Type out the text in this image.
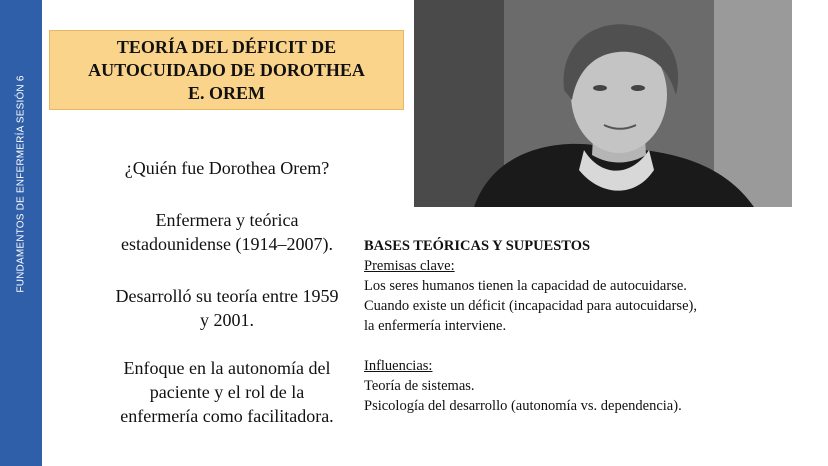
FUNDAMENTOS DE ENFERMERÍA SESIÓN 6
TEORÍA DEL DÉFICIT DE
AUTOCUIDADO DE DOROTHEA
E. OREM
¿Quién fue Dorothea Orem?
Enfermera y teórica
estadounidense (1914–2007).
Desarrolló su teoría entre 1959
y 2001.
Enfoque en la autonomía del
paciente y el rol de la
enfermería como facilitadora.
BASES TEÓRICAS Y SUPUESTOS
Premisas clave:
Los seres humanos tienen la capacidad de autocuidarse.
Cuando existe un déficit (incapacidad para autocuidarse),
la enfermería interviene.
Influencias:
Teoría de sistemas.
Psicología del desarrollo (autonomía vs. dependencia).
